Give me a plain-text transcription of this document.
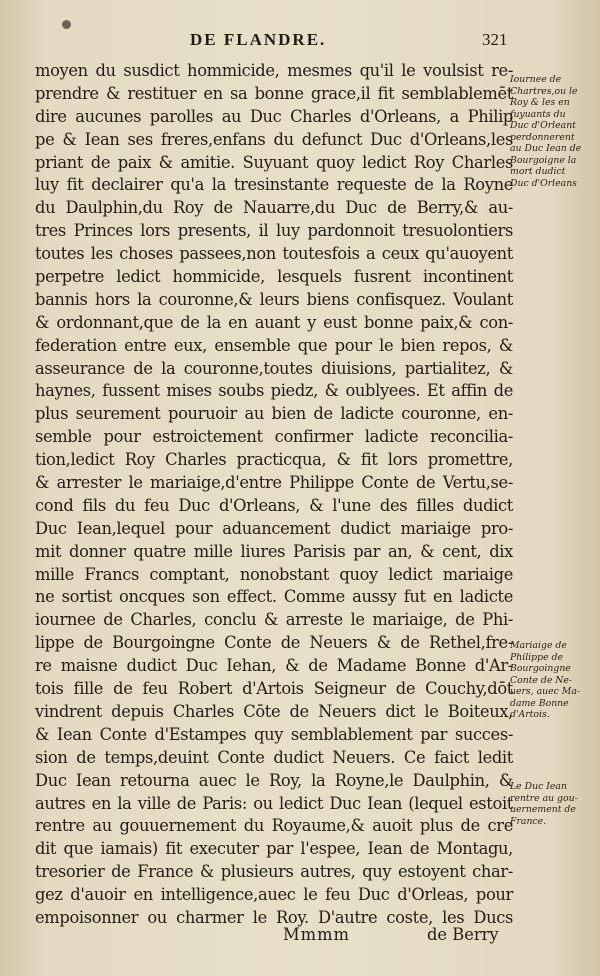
DE FLANDRE.	321
moyen du susdict hommicide, mesmes qu'il le voulsist re-
prendre & restituer en sa bonne grace,il fit semblablemēt
dire aucunes parolles au Duc Charles d'Orleans, a Philip
pe & Iean ses freres,enfans du defunct Duc d'Orleans,les
priant de paix & amitie. Suyuant quoy ledict Roy Charles
luy fit declairer qu'a la tresinstante requeste de la Royne
du Daulphin,du Roy de Nauarre,du Duc de Berry,& au-
tres Princes lors presents, il luy pardonnoit tresuolontiers
toutes les choses passees,non toutesfois a ceux qu'auoyent
perpetre ledict hommicide, lesquels fusrent incontinent
bannis hors la couronne,& leurs biens confisquez. Voulant
& ordonnant,que de la en auant y eust bonne paix,& con-
federation entre eux, ensemble que pour le bien repos, &
asseurance de la couronne,toutes diuisions, partialitez, &
haynes, fussent mises soubs piedz, & oublyees. Et affin de
plus seurement pouruoir au bien de ladicte couronne, en-
semble pour estroictement confirmer ladicte reconcilia-
tion,ledict Roy Charles practicqua, & fit lors promettre,
& arrester le mariaige,d'entre Philippe Conte de Vertu,se-
cond fils du feu Duc d'Orleans, & l'une des filles dudict
Duc Iean,lequel pour aduancement dudict mariaige pro-
mit donner quatre mille liures Parisis par an, & cent, dix
mille Francs comptant, nonobstant quoy ledict mariaige
ne sortist oncques son effect. Comme aussy fut en ladicte
iournee de Charles, conclu & arreste le mariaige, de Phi-
lippe de Bourgoingne Conte de Neuers & de Rethel,fre-
re maisne dudict Duc Iehan, & de Madame Bonne d'Ar-
tois fille de feu Robert d'Artois Seigneur de Couchy,dōt
vindrent depuis Charles Cōte de Neuers dict le Boiteux,
& Iean Conte d'Estampes quy semblablement par succes-
sion de temps,deuint Conte dudict Neuers. Ce faict ledit
Duc Iean retourna auec le Roy, la Royne,le Daulphin, &
autres en la ville de Paris: ou ledict Duc Iean (lequel estoit
rentre au gouuernement du Royaume,& auoit plus de cre
dit que iamais) fit executer par l'espee, Iean de Montagu,
tresorier de France & plusieurs autres, quy estoyent char-
gez d'auoir en intelligence,auec le feu Duc d'Orleas, pour
empoisonner ou charmer le Roy. D'autre coste, les Ducs
Iournee de
Chartres,ou le
Roy & les en
fuyuants du
Duc d'Orleant
perdonnerent
au Duc Iean de
Bourgoigne la
mort dudict
Duc d'Orleans
Mariaige de
Philippe de
Bourgoingne
Conte de Ne-
uers, auec Ma-
dame Bonne
d'Artois.
Le Duc Iean
rentre au gou-
uernement de
France.
Mmmm	de Berry
